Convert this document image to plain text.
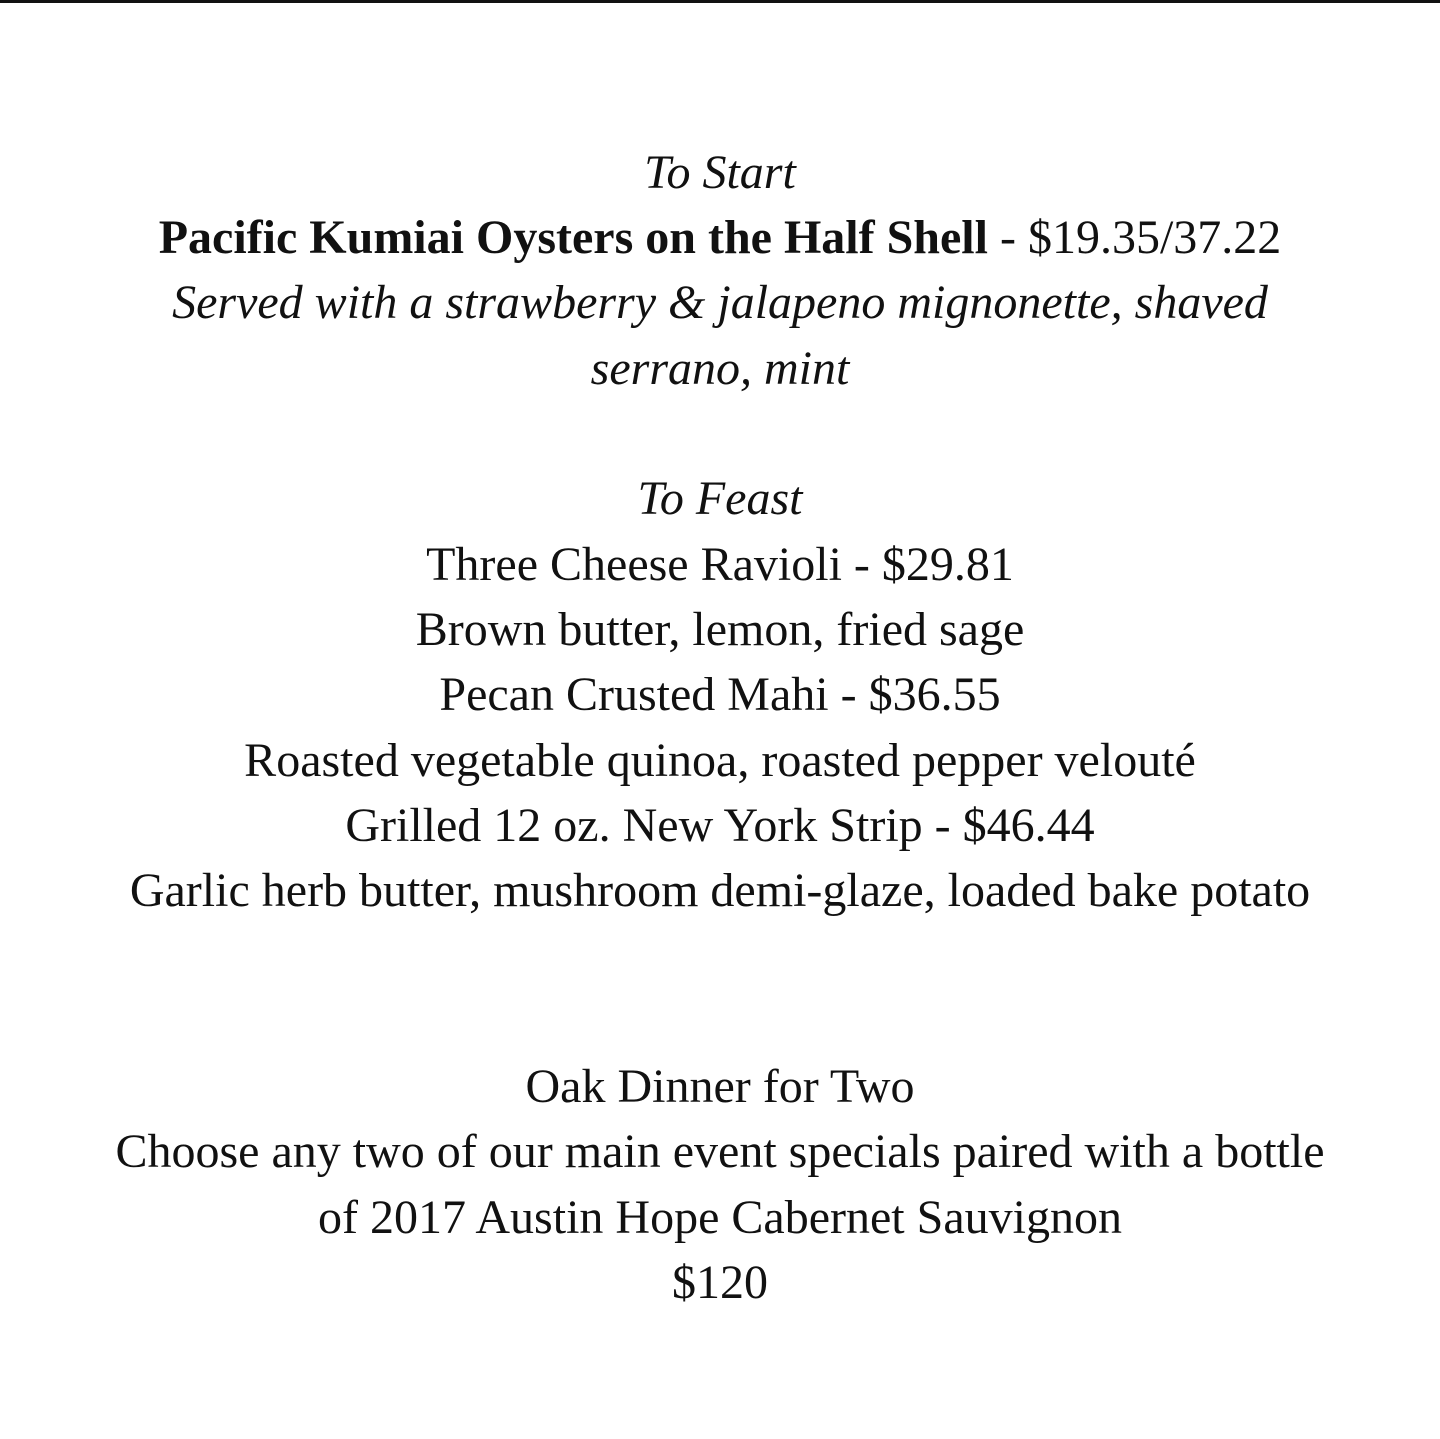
To Start
Pacific Kumiai Oysters on the Half Shell - $19.35/37.22
Served with a strawberry & jalapeno mignonette, shaved
serrano, mint
To Feast
Three Cheese Ravioli - $29.81
Brown butter, lemon, fried sage
Pecan Crusted Mahi - $36.55
Roasted vegetable quinoa, roasted pepper velouté
Grilled 12 oz. New York Strip - $46.44
Garlic herb butter, mushroom demi-glaze, loaded bake potato
Oak Dinner for Two
Choose any two of our main event specials paired with a bottle
of 2017 Austin Hope Cabernet Sauvignon
$120
